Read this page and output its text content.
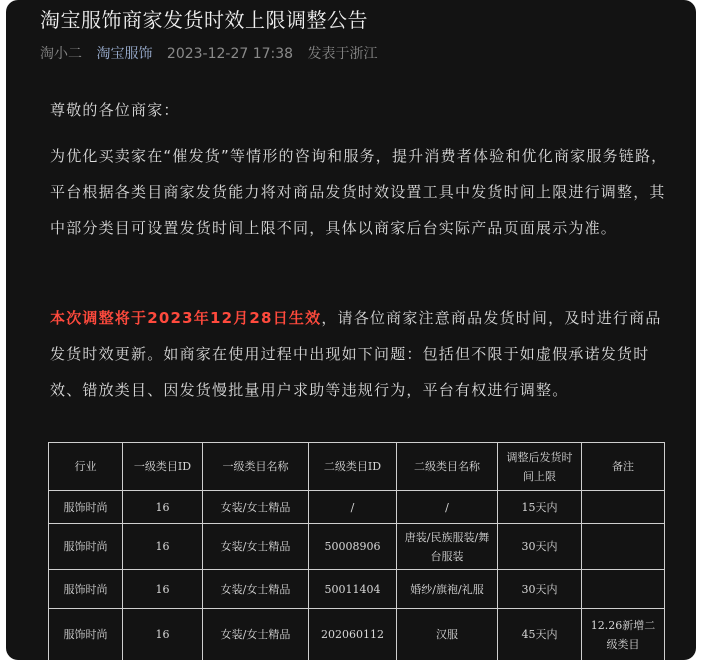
淘宝服饰商家发货时效上限调整公告
淘小二 淘宝服饰 2023-12-27 17:38 发表于浙江
尊敬的各位商家：
为优化买卖家在“催发货”等情形的咨询和服务，提升消费者体验和优化商家服务链路，平台根据各类目商家发货能力将对商品发货时效设置工具中发货时间上限进行调整，其中部分类目可设置发货时间上限不同，具体以商家后台实际产品页面展示为准。
本次调整将于2023年12月28日生效，请各位商家注意商品发货时间，及时进行商品发货时效更新。如商家在使用过程中出现如下问题：包括但不限于如虚假承诺发货时效、错放类目、因发货慢批量用户求助等违规行为，平台有权进行调整。
行业	一级类目ID	一级类目名称	二级类目ID	二级类目名称	调整后发货时间上限	备注
服饰时尚	16	女装/女士精品	/	/	15天内	
服饰时尚	16	女装/女士精品	50008906	唐装/民族服装/舞台服装	30天内	
服饰时尚	16	女装/女士精品	50011404	婚纱/旗袍/礼服	30天内	
服饰时尚	16	女装/女士精品	202060112	汉服	45天内	12.26新增二级类目
